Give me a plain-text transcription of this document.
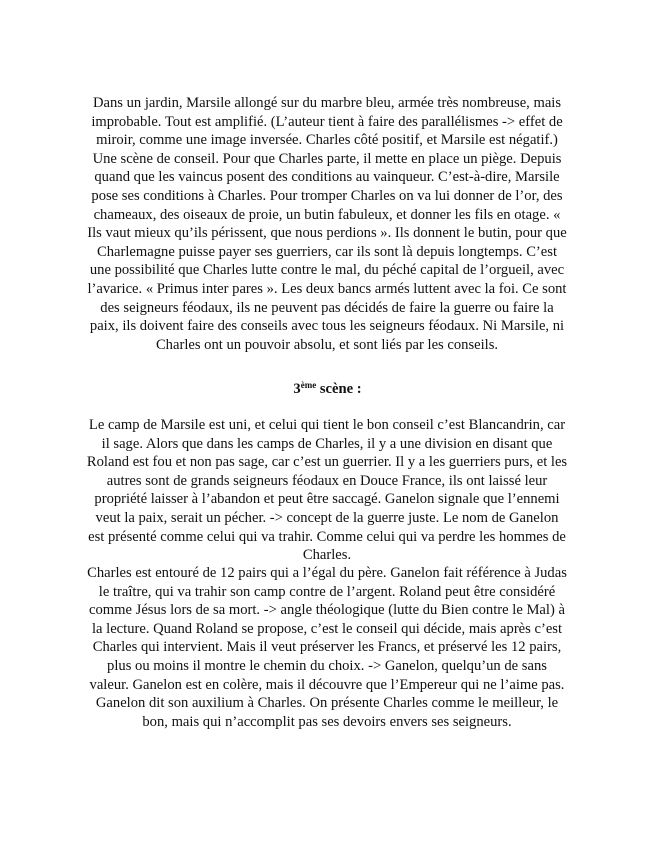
Dans un jardin, Marsile allongé sur du marbre bleu, armée très nombreuse, mais improbable. Tout est amplifié. (L’auteur tient à faire des parallélismes -> effet de miroir, comme une image inversée. Charles côté positif, et Marsile est négatif.) Une scène de conseil. Pour que Charles parte, il mette en place un piège. Depuis quand que les vaincus posent des conditions au vainqueur. C’est-à-dire, Marsile pose ses conditions à Charles. Pour tromper Charles on va lui donner de l’or, des chameaux, des oiseaux de proie, un butin fabuleux, et donner les fils en otage. « Ils vaut mieux qu’ils périssent, que nous perdions ». Ils donnent le butin, pour que Charlemagne puisse payer ses guerriers, car ils sont là depuis longtemps. C’est une possibilité que Charles lutte contre le mal, du péché capital de l’orgueil, avec l’avarice. « Primus inter pares ». Les deux bancs armés luttent avec la foi. Ce sont des seigneurs féodaux, ils ne peuvent pas décidés de faire la guerre ou faire la paix, ils doivent faire des conseils avec tous les seigneurs féodaux. Ni Marsile, ni Charles ont un pouvoir absolu, et sont liés par les conseils.

3ème scène :

Le camp de Marsile est uni, et celui qui tient le bon conseil c’est Blancandrin, car il sage. Alors que dans les camps de Charles, il y a une division en disant que Roland est fou et non pas sage, car c’est un guerrier. Il y a les guerriers purs, et les autres sont de grands seigneurs féodaux en Douce France, ils ont laissé leur propriété laisser à l’abandon et peut être saccagé. Ganelon signale que l’ennemi veut la paix, serait un pécher. -> concept de la guerre juste. Le nom de Ganelon est présenté comme celui qui va trahir. Comme celui qui va perdre les hommes de Charles.

Charles est entouré de 12 pairs qui a l’égal du père. Ganelon fait référence à Judas le traître, qui va trahir son camp contre de l’argent. Roland peut être considéré comme Jésus lors de sa mort. -> angle théologique (lutte du Bien contre le Mal) à la lecture. Quand Roland se propose, c’est le conseil qui décide, mais après c’est Charles qui intervient. Mais il veut préserver les Francs, et préservé les 12 pairs, plus ou moins il montre le chemin du choix. -> Ganelon, quelqu’un de sans valeur. Ganelon est en colère, mais il découvre que l’Empereur qui ne l’aime pas. Ganelon dit son auxilium à Charles. On présente Charles comme le meilleur, le bon, mais qui n’accomplit pas ses devoirs envers ses seigneurs.
